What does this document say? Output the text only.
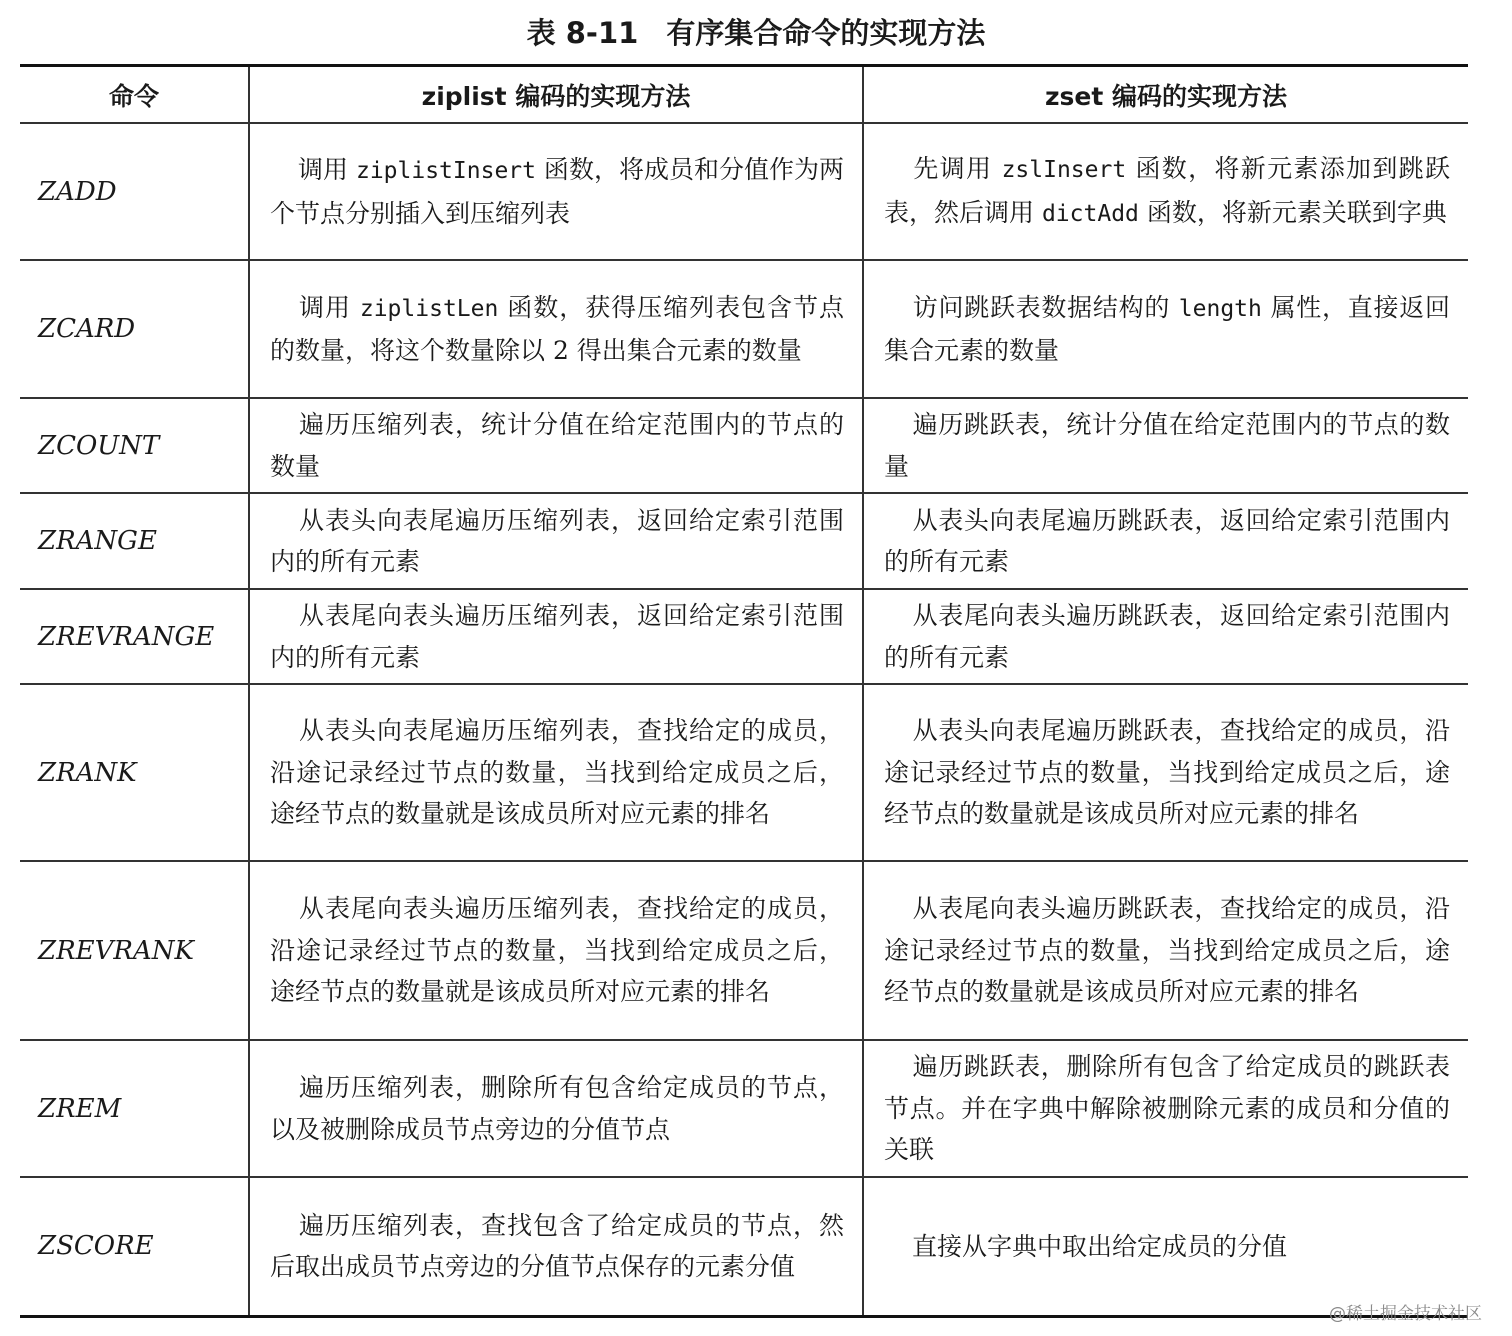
表 8-11 有序集合命令的实现方法
命令	ziplist 编码的实现方法	zset 编码的实现方法
ZADD	调用 ziplistInsert 函数，将成员和分值作为两个节点分别插入到压缩列表	先调用 zslInsert 函数，将新元素添加到跳跃表，然后调用 dictAdd 函数，将新元素关联到字典
ZCARD	调用 ziplistLen 函数，获得压缩列表包含节点的数量，将这个数量除以 2 得出集合元素的数量	访问跳跃表数据结构的 length 属性，直接返回集合元素的数量
ZCOUNT	遍历压缩列表，统计分值在给定范围内的节点的数量	遍历跳跃表，统计分值在给定范围内的节点的数量
ZRANGE	从表头向表尾遍历压缩列表，返回给定索引范围内的所有元素	从表头向表尾遍历跳跃表，返回给定索引范围内的所有元素
ZREVRANGE	从表尾向表头遍历压缩列表，返回给定索引范围内的所有元素	从表尾向表头遍历跳跃表，返回给定索引范围内的所有元素
ZRANK	从表头向表尾遍历压缩列表，查找给定的成员，沿途记录经过节点的数量，当找到给定成员之后，途经节点的数量就是该成员所对应元素的排名	从表头向表尾遍历跳跃表，查找给定的成员，沿途记录经过节点的数量，当找到给定成员之后，途经节点的数量就是该成员所对应元素的排名
ZREVRANK	从表尾向表头遍历压缩列表，查找给定的成员，沿途记录经过节点的数量，当找到给定成员之后，途经节点的数量就是该成员所对应元素的排名	从表尾向表头遍历跳跃表，查找给定的成员，沿途记录经过节点的数量，当找到给定成员之后，途经节点的数量就是该成员所对应元素的排名
ZREM	遍历压缩列表，删除所有包含给定成员的节点，以及被删除成员节点旁边的分值节点	遍历跳跃表，删除所有包含了给定成员的跳跃表节点。并在字典中解除被删除元素的成员和分值的关联
ZSCORE	遍历压缩列表，查找包含了给定成员的节点，然后取出成员节点旁边的分值节点保存的元素分值	直接从字典中取出给定成员的分值
@稀土掘金技术社区
